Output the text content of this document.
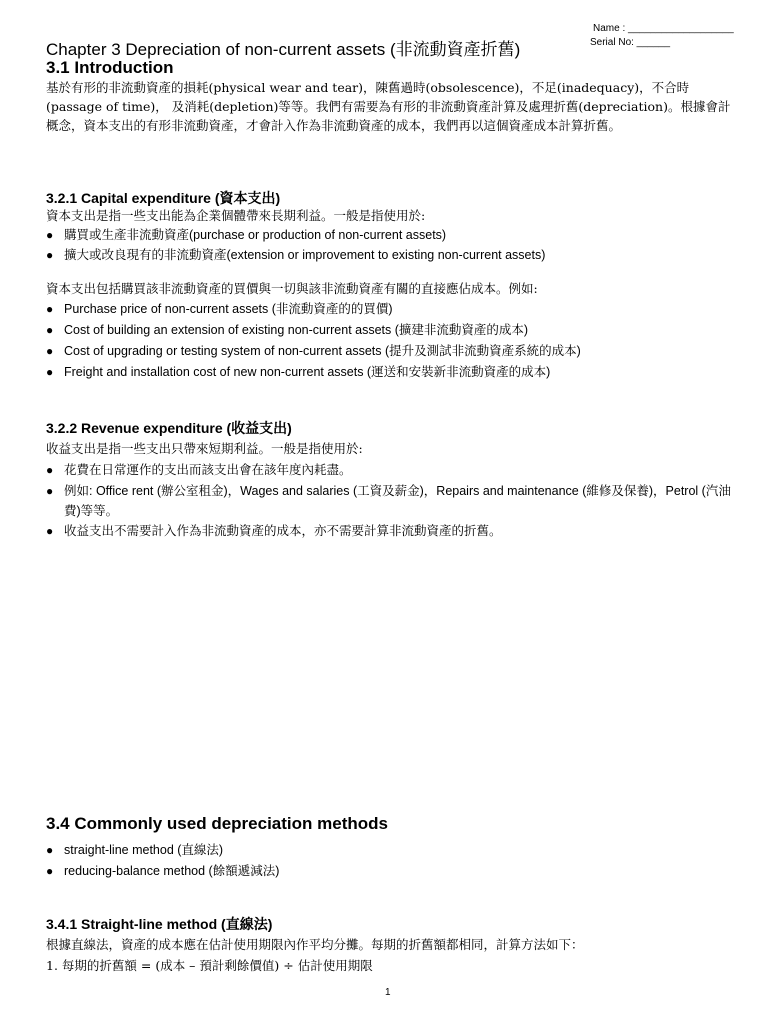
Name : ___________________
Serial No: ______
Chapter 3 Depreciation of non-current assets (非流動資產折舊)
3.1 Introduction
基於有形的非流動資產的損耗(physical wear and tear)，陳舊過時(obsolescence)，不足(inadequacy)，不合時(passage of time)， 及消耗(depletion)等等。我們有需要為有形的非流動資產計算及處理折舊(depreciation)。根據會計概念，資本支出的有形非流動資產，才會計入作為非流動資產的成本，我們再以這個資產成本計算折舊。
3.2.1 Capital expenditure (資本支出)
資本支出是指一些支出能為企業個體帶來長期利益。一般是指使用於:
● 購買或生產非流動資產(purchase or production of non-current assets)
● 擴大或改良現有的非流動資產(extension or improvement to existing non-current assets)
資本支出包括購買該非流動資產的買價與一切與該非流動資產有關的直接應佔成本。例如:
● Purchase price of non-current assets (非流動資產的的買價)
● Cost of building an extension of existing non-current assets (擴建非流動資產的成本)
● Cost of upgrading or testing system of non-current assets (提升及測試非流動資產系統的成本)
● Freight and installation cost of new non-current assets (運送和安裝新非流動資產的成本)
3.2.2 Revenue expenditure (收益支出)
收益支出是指一些支出只帶來短期利益。一般是指使用於:
● 花費在日常運作的支出而該支出會在該年度內耗盡。
● 例如: Office rent (辦公室租金)，Wages and salaries (工資及薪金)，Repairs and maintenance (維修及保養)，Petrol (汽油費)等等。
● 收益支出不需要計入作為非流動資產的成本，亦不需要計算非流動資產的折舊。
3.4 Commonly used depreciation methods
● straight-line method (直線法)
● reducing-balance method (餘額遞減法)
3.4.1 Straight-line method (直線法)
根據直線法，資產的成本應在估計使用期限內作平均分攤。每期的折舊額都相同，計算方法如下：
1. 每期的折舊額 = (成本 – 預計剩餘價值) ÷ 估計使用期限
1
